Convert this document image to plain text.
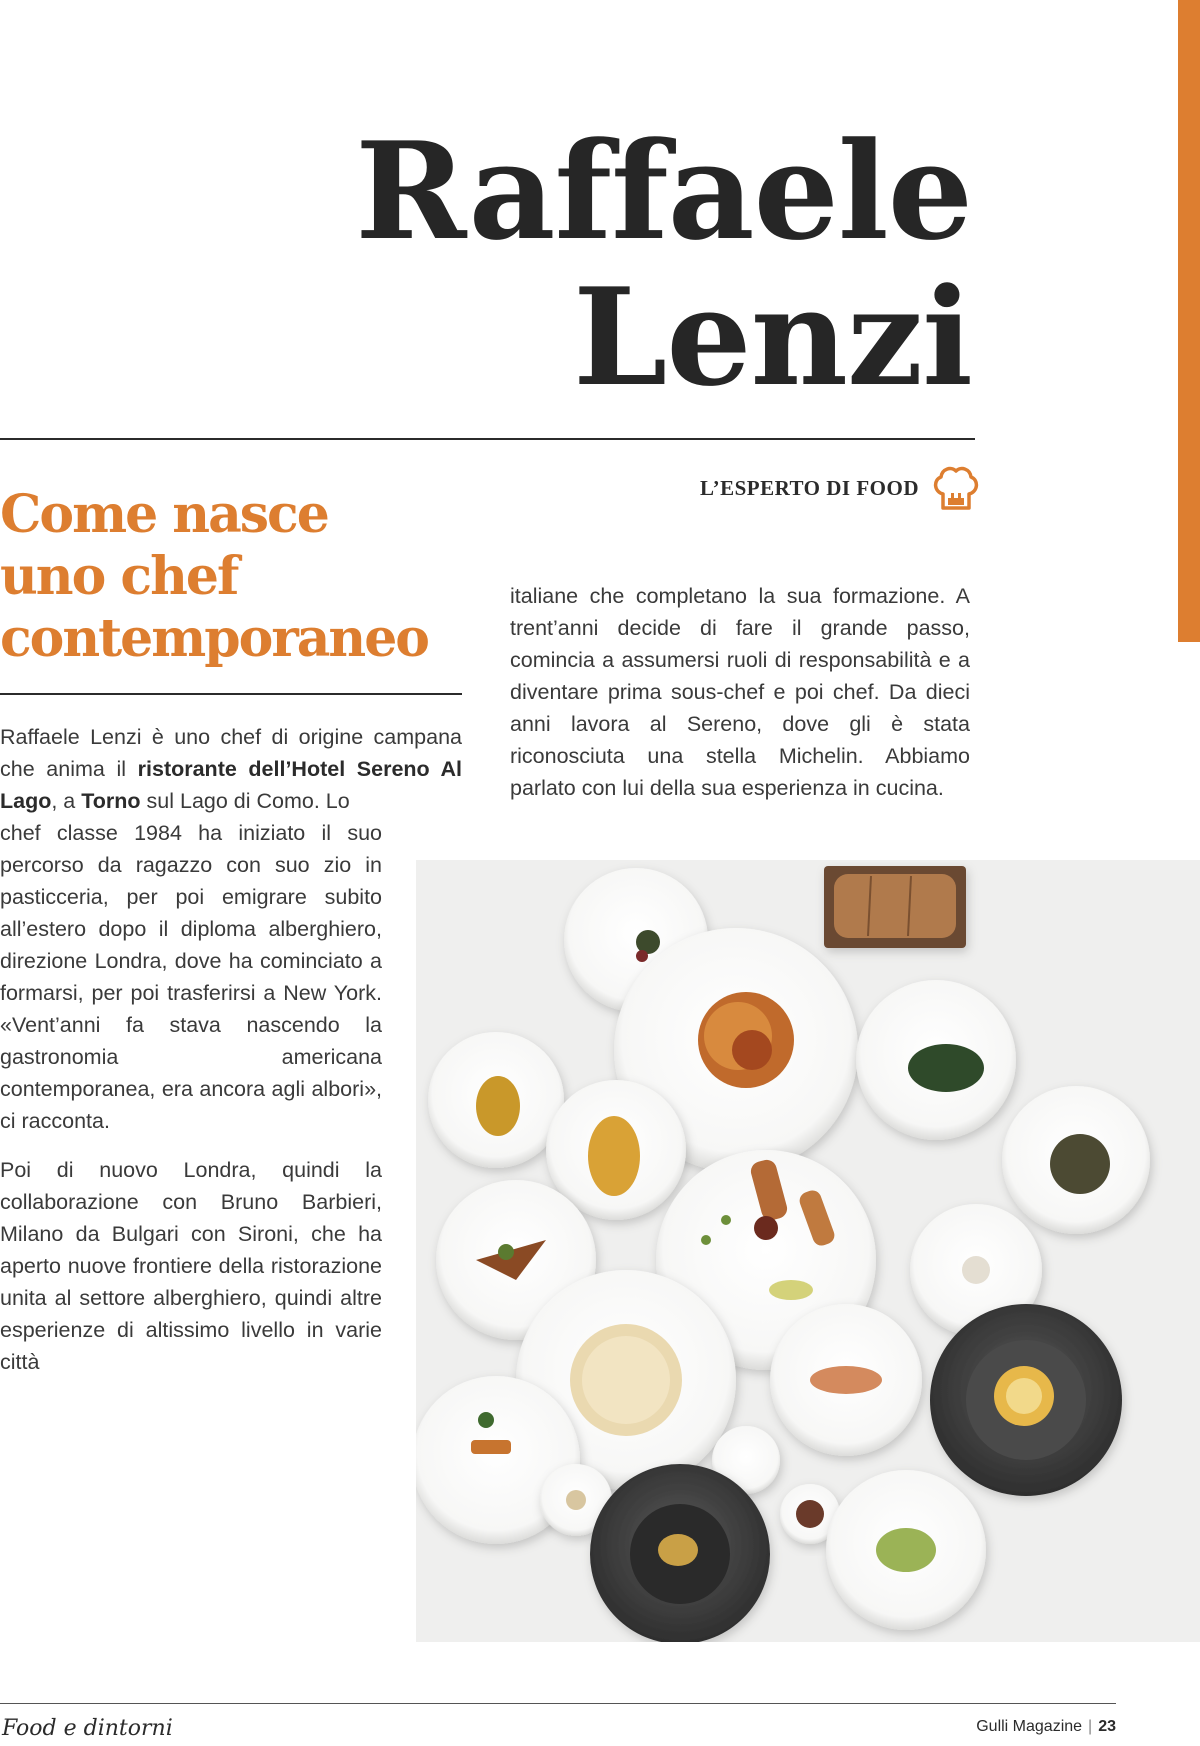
Raffaele
Lenzi
L’ESPERTO DI FOOD
Come nasce
uno chef
contemporaneo

Raffaele Lenzi è uno chef di origine campana che anima il ristorante dell’Hotel Sereno Al Lago, a Torno sul Lago di Como. Lo

chef classe 1984 ha iniziato il suo percorso da ragazzo con suo zio in pasticceria, per poi emigrare subito all’estero dopo il diploma alberghiero, direzione Londra, dove ha cominciato a formarsi, per poi trasferirsi a New York. «Vent’anni fa stava nascendo la gastronomia americana contemporanea, era ancora agli albori», ci racconta.

Poi di nuovo Londra, quindi la collaborazione con Bruno Barbieri, Milano da Bulgari con Sironi, che ha aperto nuove frontiere della ristorazione unita al settore alberghiero, quindi altre esperienze di altissimo livello in varie città

italiane che completano la sua formazione. A trent’anni decide di fare il grande passo, comincia a assumersi ruoli di responsabilità e a diventare prima sous-chef e poi chef. Da dieci anni lavora al Sereno, dove gli è stata riconosciuta una stella Michelin. Abbiamo parlato con lui della sua esperienza in cucina.

Food e dintorni	Gulli Magazine | 23
